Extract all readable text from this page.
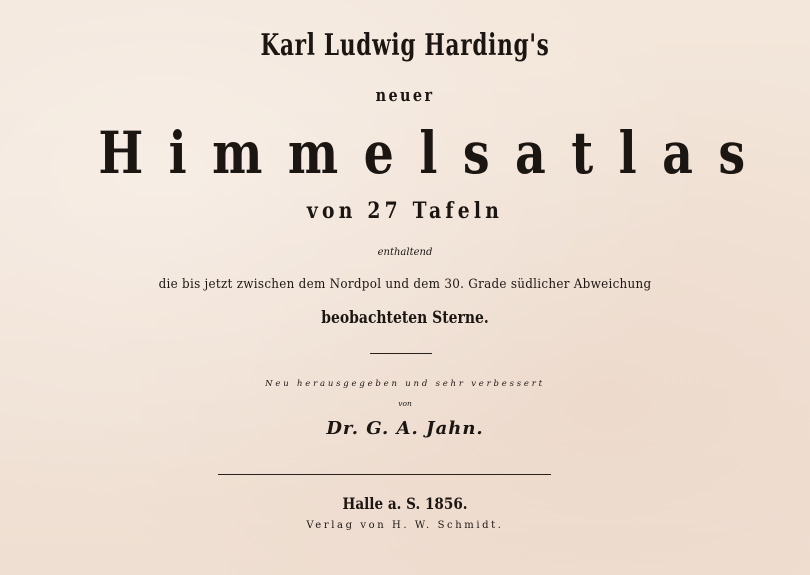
Karl Ludwig Harding's
neuer
Himmelsatlas
von 27 Tafeln
enthaltend
die bis jetzt zwischen dem Nordpol und dem 30. Grade südlicher Abweichung
beobachteten Sterne.
Neu herausgegeben und sehr verbessert
von
Dr. G. A. Jahn.
Halle a. S. 1856.
Verlag von H. W. Schmidt.
